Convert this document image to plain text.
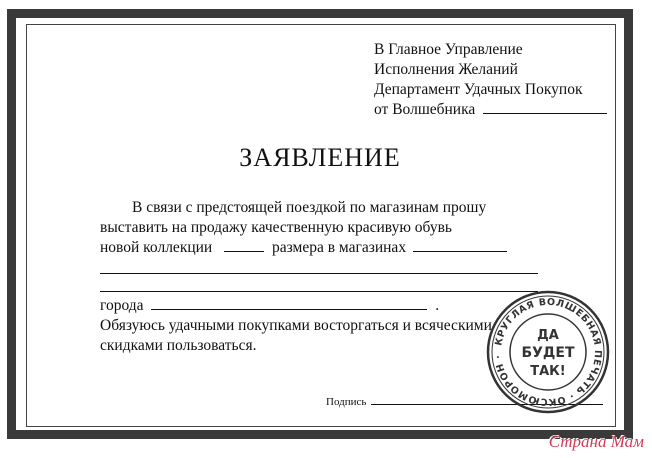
В Главное Управление
Исполнения Желаний
Департамент Удачных Покупок
от Волшебника
ЗАЯВЛЕНИЕ
В связи с предстоящей поездкой по магазинам прошу
выставить на продажу качественную красивую обувь
новой коллекции	размера в магазинах
города	.
Обязуюсь удачными покупками восторгаться и всяческими
скидками пользоваться.
Подпись
КРУГЛАЯ ВОЛШЕБНАЯ ПЕЧАТЬ · ОКСЮМОРОН ·
ДА
БУДЕТ
ТАК!
Страна Мам
